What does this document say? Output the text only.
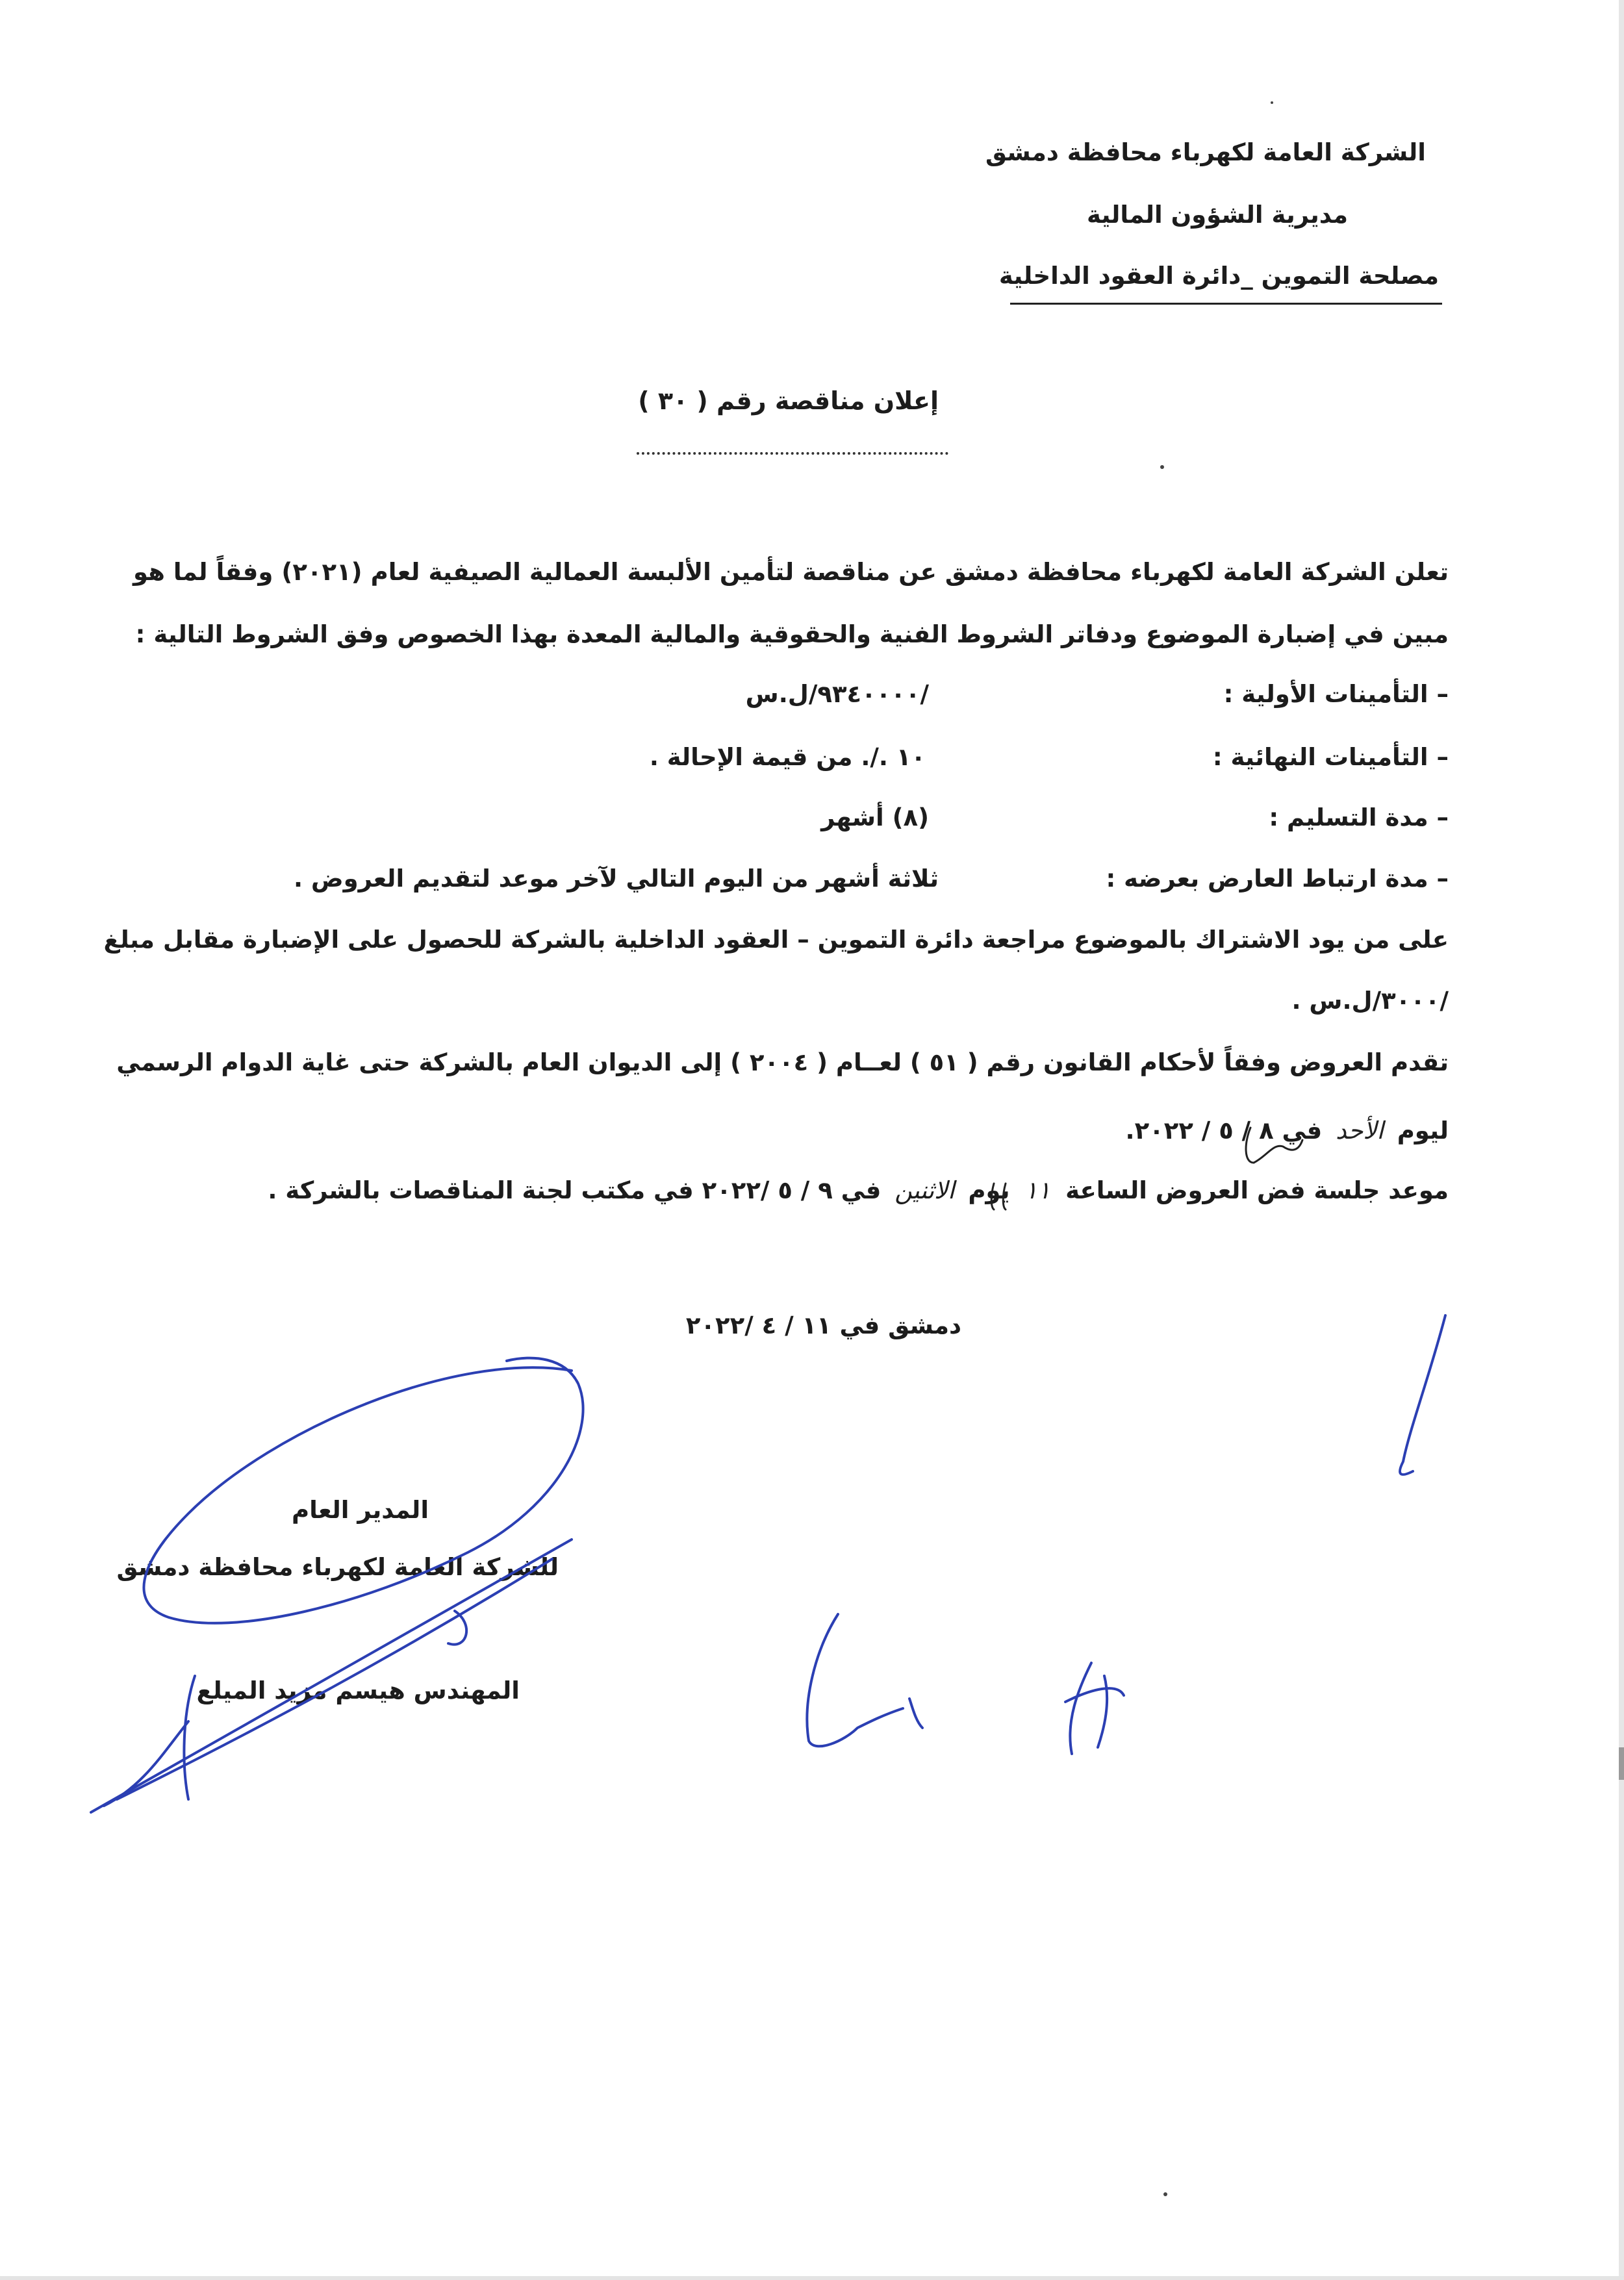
الشركة العامة لكهرباء محافظة دمشق
مديرية الشؤون المالية
مصلحة التموين _دائرة العقود الداخلية
إعلان مناقصة رقم ( ٣٠ )
تعلن الشركة العامة لكهرباء محافظة دمشق عن مناقصة لتأمين الألبسة العمالية الصيفية لعام (٢٠٢١) وفقاً لما هو
مبين في إضبارة الموضوع ودفاتر الشروط الفنية والحقوقية والمالية المعدة بهذا الخصوص وفق الشروط التالية :
– التأمينات الأولية :
/٩٣٤٠٠٠٠/ل.س
– التأمينات النهائية :
١٠ ./. من قيمة الإحالة .
– مدة التسليم :
(٨) أشهر
– مدة ارتباط العارض بعرضه :
ثلاثة أشهر من اليوم التالي لآخر موعد لتقديم العروض .
على من يود الاشتراك بالموضوع مراجعة دائرة التموين – العقود الداخلية بالشركة للحصول على الإضبارة مقابل مبلغ
/٣٠٠٠/ل.س .
تقدم العروض وفقاً لأحكام القانون رقم ( ٥١ ) لعــام ( ٢٠٠٤ ) إلى الديوان العام بالشركة حتى غاية الدوام الرسمي
ليوم الأحد في ٨ / ٥ / ٢٠٢٢.
موعد جلسة فض العروض الساعة ١١ يوم الاثنين في ٩ / ٥ /٢٠٢٢ في مكتب لجنة المناقصات بالشركة .
دمشق في ١١ / ٤ /٢٠٢٢
المدير العام
للشركة العامة لكهرباء محافظة دمشق
المهندس هيسم مزيد الميلع
